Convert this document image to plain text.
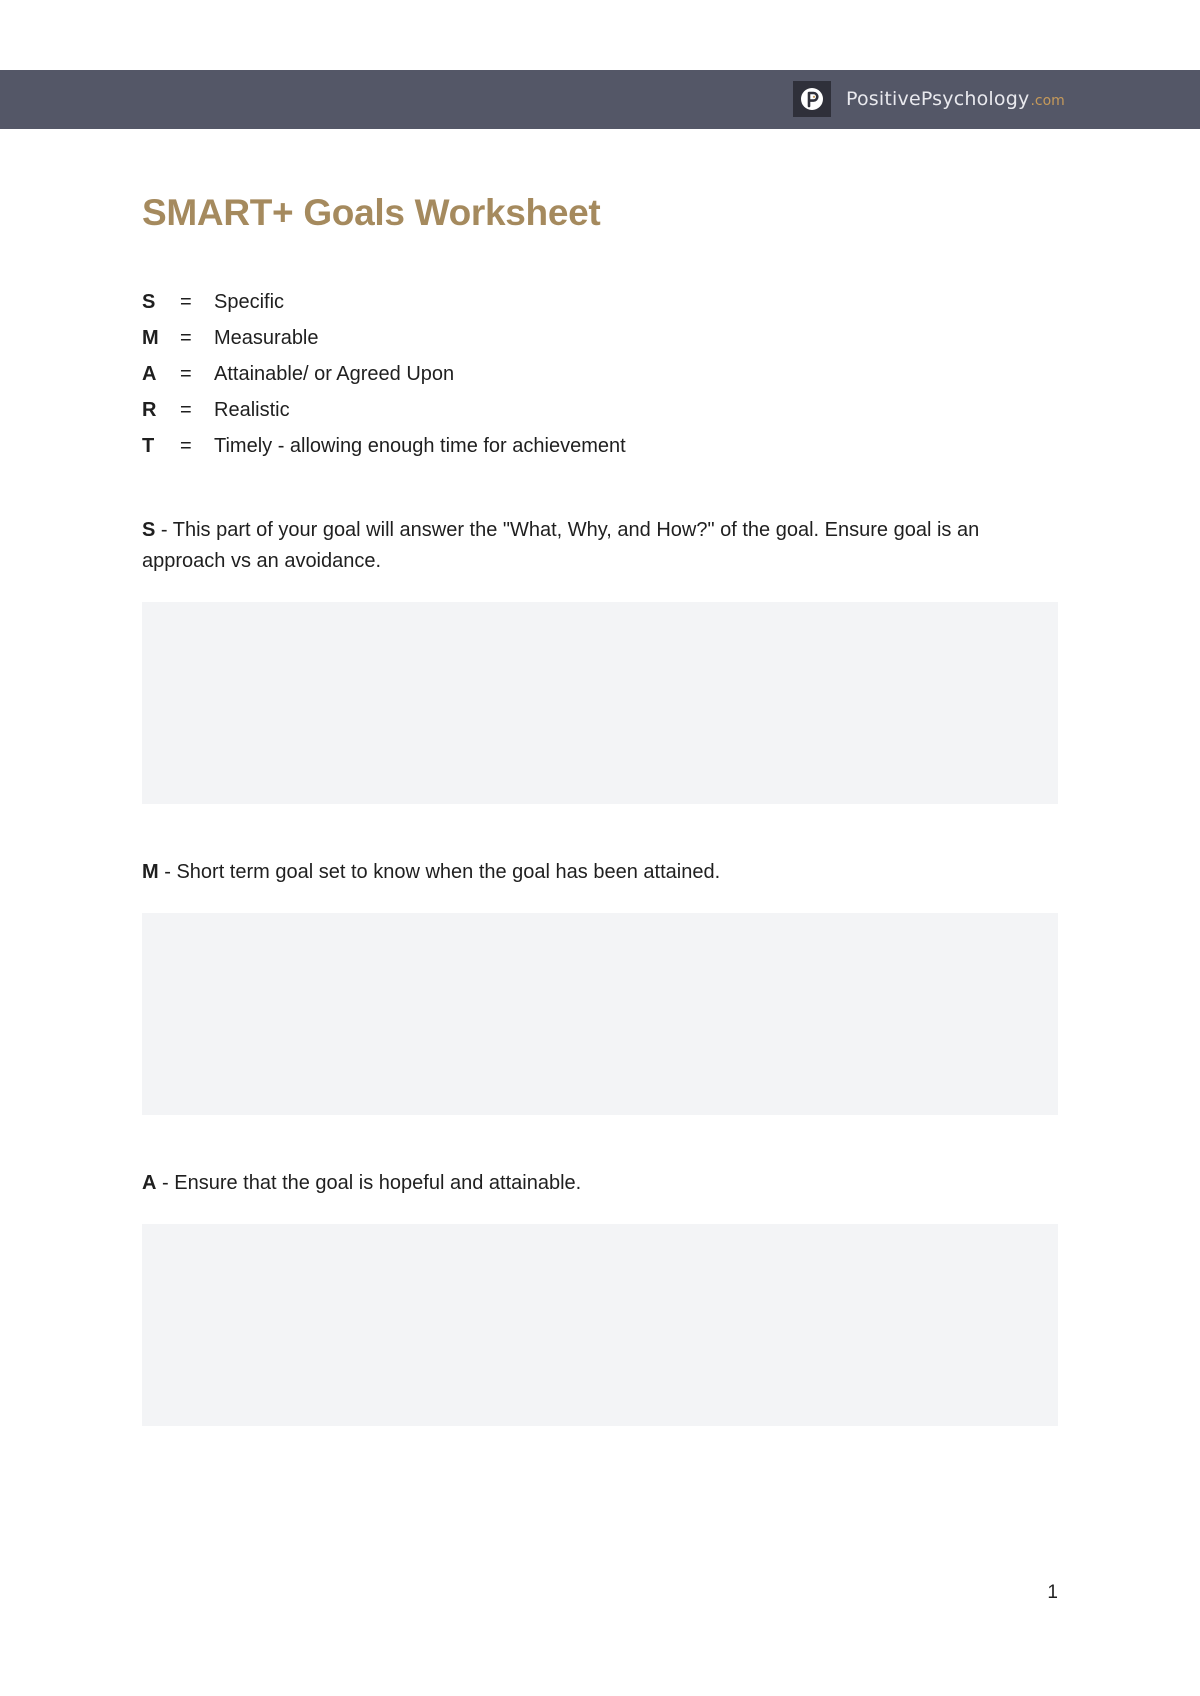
PositivePsychology .com
SMART+ Goals Worksheet
S	=	Specific
M	=	Measurable
A	=	Attainable/ or Agreed Upon
R	=	Realistic
T	=	Timely - allowing enough time for achievement

S - This part of your goal will answer the "What, Why, and How?" of the goal. Ensure goal is an approach vs an avoidance.

M - Short term goal set to know when the goal has been attained.

A - Ensure that the goal is hopeful and attainable.

1
